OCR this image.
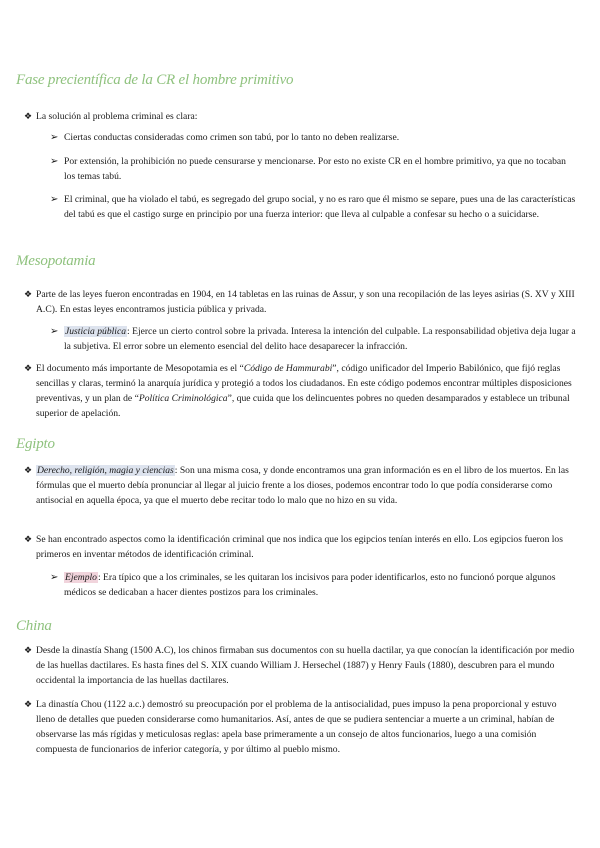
Fase precientífica de la CR el hombre primitivo
❖ La solución al problema criminal es clara:
➢ Ciertas conductas consideradas como crimen son tabú, por lo tanto no deben realizarse.
➢ Por extensión, la prohibición no puede censurarse y mencionarse. Por esto no existe CR en el hombre primitivo, ya que no tocaban los temas tabú.
➢ El criminal, que ha violado el tabú, es segregado del grupo social, y no es raro que él mismo se separe, pues una de las características del tabú es que el castigo surge en principio por una fuerza interior: que lleva al culpable a confesar su hecho o a suicidarse.
Mesopotamia
❖ Parte de las leyes fueron encontradas en 1904, en 14 tabletas en las ruinas de Assur, y son una recopilación de las leyes asirias (S. XV y XIII A.C). En estas leyes encontramos justicia pública y privada.
➢ Justicia pública: Ejerce un cierto control sobre la privada. Interesa la intención del culpable. La responsabilidad objetiva deja lugar a la subjetiva. El error sobre un elemento esencial del delito hace desaparecer la infracción.
❖ El documento más importante de Mesopotamia es el “Código de Hammurabi”, código unificador del Imperio Babilónico, que fijó reglas sencillas y claras, terminó la anarquía jurídica y protegió a todos los ciudadanos. En este código podemos encontrar múltiples disposiciones preventivas, y un plan de “Política Criminológica”, que cuida que los delincuentes pobres no queden desamparados y establece un tribunal superior de apelación.
Egipto
❖ Derecho, religión, magia y ciencias: Son una misma cosa, y donde encontramos una gran información es en el libro de los muertos. En las fórmulas que el muerto debía pronunciar al llegar al juicio frente a los dioses, podemos encontrar todo lo que podía considerarse como antisocial en aquella época, ya que el muerto debe recitar todo lo malo que no hizo en su vida.
❖ Se han encontrado aspectos como la identificación criminal que nos indica que los egipcios tenían interés en ello. Los egipcios fueron los primeros en inventar métodos de identificación criminal.
➢ Ejemplo: Era típico que a los criminales, se les quitaran los incisivos para poder identificarlos, esto no funcionó porque algunos médicos se dedicaban a hacer dientes postizos para los criminales.
China
❖ Desde la dinastía Shang (1500 A.C), los chinos firmaban sus documentos con su huella dactilar, ya que conocían la identificación por medio de las huellas dactilares. Es hasta fines del S. XIX cuando William J. Hersechel (1887) y Henry Fauls (1880), descubren para el mundo occidental la importancia de las huellas dactilares.
❖ La dinastía Chou (1122 a.c.) demostró su preocupación por el problema de la antisocialidad, pues impuso la pena proporcional y estuvo lleno de detalles que pueden considerarse como humanitarios. Así, antes de que se pudiera sentenciar a muerte a un criminal, habían de observarse las más rígidas y meticulosas reglas: apela base primeramente a un consejo de altos funcionarios, luego a una comisión compuesta de funcionarios de inferior categoría, y por último al pueblo mismo.
